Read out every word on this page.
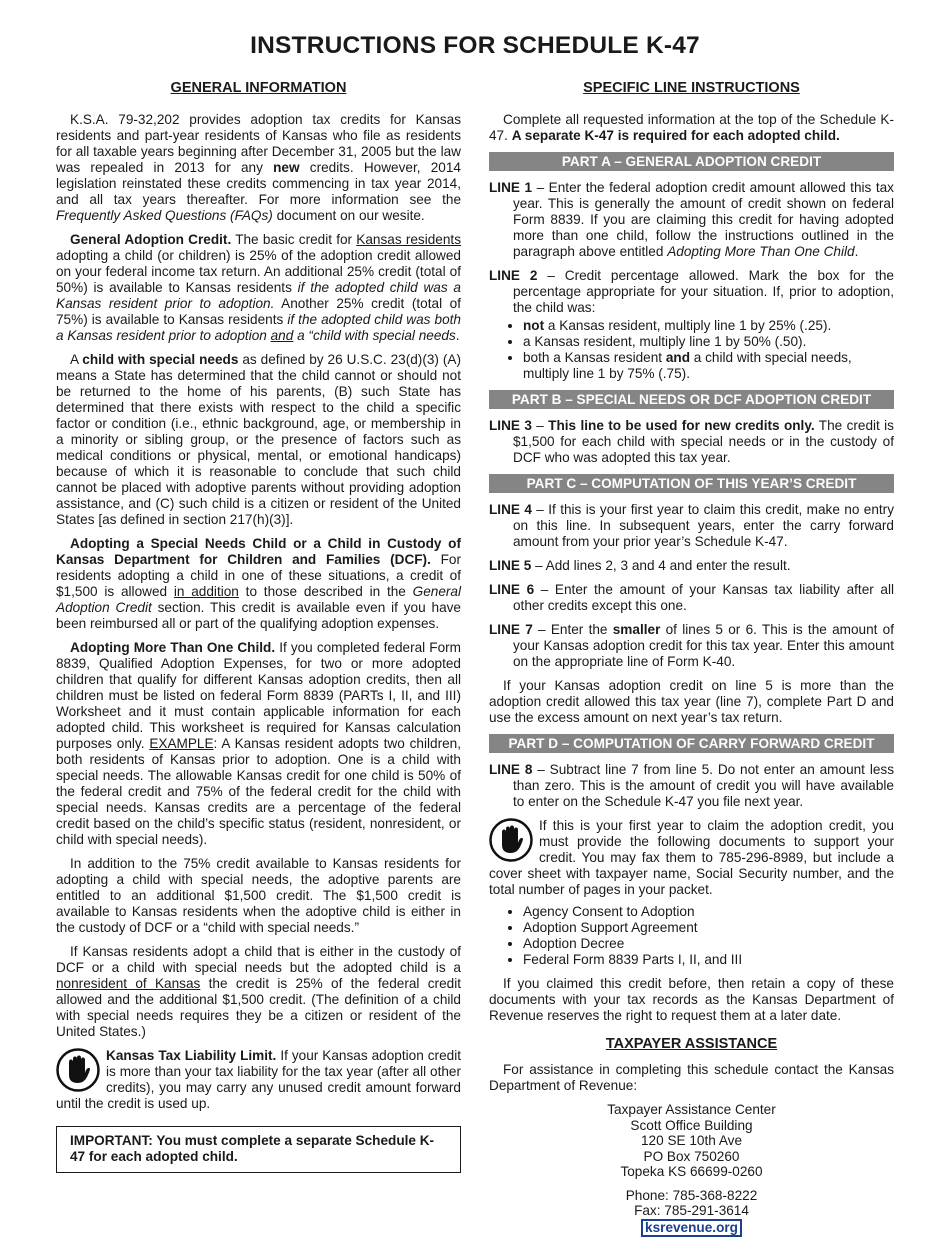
INSTRUCTIONS FOR SCHEDULE K-47
GENERAL INFORMATION

K.S.A. 79-32,202 provides adoption tax credits for Kansas residents and part-year residents of Kansas who file as residents for all taxable years beginning after December 31, 2005 but the law was repealed in 2013 for any new credits. However, 2014 legislation reinstated these credits commencing in tax year 2014, and all tax years thereafter. For more information see the Frequently Asked Questions (FAQs) document on our wesite.

General Adoption Credit. The basic credit for Kansas residents adopting a child (or children) is 25% of the adoption credit allowed on your federal income tax return. An additional 25% credit (total of 50%) is available to Kansas residents if the adopted child was a Kansas resident prior to adoption. Another 25% credit (total of 75%) is available to Kansas residents if the adopted child was both a Kansas resident prior to adoption and a “child with special needs.

A child with special needs as defined by 26 U.S.C. 23(d)(3) (A) means a State has determined that the child cannot or should not be returned to the home of his parents, (B) such State has determined that there exists with respect to the child a specific factor or condition (i.e., ethnic background, age, or membership in a minority or sibling group, or the presence of factors such as medical conditions or physical, mental, or emotional handicaps) because of which it is reasonable to conclude that such child cannot be placed with adoptive parents without providing adoption assistance, and (C) such child is a citizen or resident of the United States [as defined in section 217(h)(3)].

Adopting a Special Needs Child or a Child in Custody of Kansas Department for Children and Families (DCF). For residents adopting a child in one of these situations, a credit of $1,500 is allowed in addition to those described in the General Adoption Credit section. This credit is available even if you have been reimbursed all or part of the qualifying adoption expenses.

Adopting More Than One Child. If you completed federal Form 8839, Qualified Adoption Expenses, for two or more adopted children that qualify for different Kansas adoption credits, then all children must be listed on federal Form 8839 (PARTs I, II, and III) Worksheet and it must contain applicable information for each adopted child. This worksheet is required for Kansas calculation purposes only. EXAMPLE: A Kansas resident adopts two children, both residents of Kansas prior to adoption. One is a child with special needs. The allowable Kansas credit for one child is 50% of the federal credit and 75% of the federal credit for the child with special needs. Kansas credits are a percentage of the federal credit based on the child’s specific status (resident, nonresident, or child with special needs).

In addition to the 75% credit available to Kansas residents for adopting a child with special needs, the adoptive parents are entitled to an additional $1,500 credit. The $1,500 credit is available to Kansas residents when the adoptive child is either in the custody of DCF or a “child with special needs.”

If Kansas residents adopt a child that is either in the custody of DCF or a child with special needs but the adopted child is a nonresident of Kansas the credit is 25% of the federal credit allowed and the additional $1,500 credit. (The definition of a child with special needs requires they be a citizen or resident of the United States.)

Kansas Tax Liability Limit. If your Kansas adoption credit is more than your tax liability for the tax year (after all other credits), you may carry any unused credit amount forward until the credit is used up.

IMPORTANT: You must complete a separate Schedule K-47 for each adopted child.
SPECIFIC LINE INSTRUCTIONS

Complete all requested information at the top of the Schedule K-47. A separate K-47 is required for each adopted child.

PART A – GENERAL ADOPTION CREDIT

LINE 1 – Enter the federal adoption credit amount allowed this tax year. This is generally the amount of credit shown on federal Form 8839. If you are claiming this credit for having adopted more than one child, follow the instructions outlined in the paragraph above entitled Adopting More Than One Child.

LINE 2 – Credit percentage allowed. Mark the box for the percentage appropriate for your situation. If, prior to adoption, the child was:

• not a Kansas resident, multiply line 1 by 25% (.25).
• a Kansas resident, multiply line 1 by 50% (.50).
• both a Kansas resident and a child with special needs, multiply line 1 by 75% (.75).
PART B – SPECIAL NEEDS OR DCF ADOPTION CREDIT

LINE 3 – This line to be used for new credits only. The credit is $1,500 for each child with special needs or in the custody of DCF who was adopted this tax year.

PART C – COMPUTATION OF THIS YEAR’S CREDIT

LINE 4 – If this is your first year to claim this credit, make no entry on this line. In subsequent years, enter the carry forward amount from your prior year’s Schedule K-47.

LINE 5 – Add lines 2, 3 and 4 and enter the result.

LINE 6 – Enter the amount of your Kansas tax liability after all other credits except this one.

LINE 7 – Enter the smaller of lines 5 or 6. This is the amount of your Kansas adoption credit for this tax year. Enter this amount on the appropriate line of Form K-40.

If your Kansas adoption credit on line 5 is more than the adoption credit allowed this tax year (line 7), complete Part D and use the excess amount on next year’s tax return.

PART D – COMPUTATION OF CARRY FORWARD CREDIT

LINE 8 – Subtract line 7 from line 5. Do not enter an amount less than zero. This is the amount of credit you will have available to enter on the Schedule K-47 you file next year.

If this is your first year to claim the adoption credit, you must provide the following documents to support your credit. You may fax them to 785-296-8989, but include a cover sheet with taxpayer name, Social Security number, and the total number of pages in your packet.

• Agency Consent to Adoption
• Adoption Support Agreement
• Adoption Decree
• Federal Form 8839 Parts I, II, and III

If you claimed this credit before, then retain a copy of these documents with your tax records as the Kansas Department of Revenue reserves the right to request them at a later date.

TAXPAYER ASSISTANCE

For assistance in completing this schedule contact the Kansas Department of Revenue:

Taxpayer Assistance Center
Scott Office Building
120 SE 10th Ave
PO Box 750260
Topeka KS 66699-0260
Phone: 785-368-8222
Fax: 785-291-3614
ksrevenue.org
